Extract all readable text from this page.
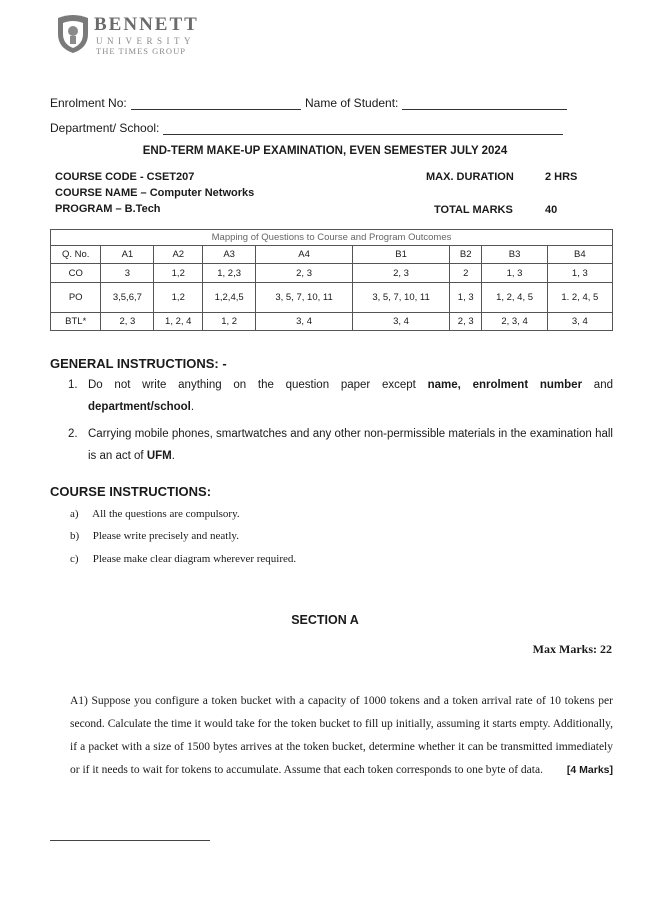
BENNETT
UNIVERSITY
THE TIMES GROUP
Enrolment No:	Name of Student:
Department/ School:
END-TERM MAKE-UP EXAMINATION, EVEN SEMESTER JULY 2024
COURSE CODE - CSET207
COURSE NAME – Computer Networks
PROGRAM – B.Tech
MAX. DURATION	2 HRS
TOTAL MARKS	40
Mapping of Questions to Course and Program Outcomes								
Q. No.	A1	A2	A3	A4	B1	B2	B3	B4
CO	3	1,2	1, 2,3	2, 3	2, 3	2	1, 3	1, 3
PO	3,5,6,7	1,2	1,2,4,5	3, 5, 7, 10, 11	3, 5, 7, 10, 11	1, 3	1, 2, 4, 5	1. 2, 4, 5
BTL*	2, 3	1, 2, 4	1, 2	3, 4	3, 4	2, 3	2, 3, 4	3, 4
GENERAL INSTRUCTIONS: -
1. Do not write anything on the question paper except name, enrolment number and department/school.
2. Carrying mobile phones, smartwatches and any other non-permissible materials in the examination hall is an act of UFM.
COURSE INSTRUCTIONS:
a) All the questions are compulsory.
b) Please write precisely and neatly.
c) Please make clear diagram wherever required.
SECTION A
Max Marks: 22
A1) Suppose you configure a token bucket with a capacity of 1000 tokens and a token arrival rate of 10 tokens per second. Calculate the time it would take for the token bucket to fill up initially, assuming it starts empty. Additionally, if a packet with a size of 1500 bytes arrives at the token bucket, determine whether it can be transmitted immediately or if it needs to wait for tokens to accumulate. Assume that each token corresponds to one byte of data. [4 Marks]
